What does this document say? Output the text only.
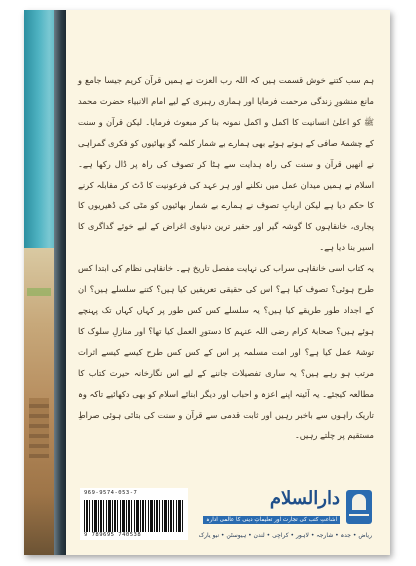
ہم سب کتنے خوش قسمت ہیں کہ اللہ رب العزت نے ہمیں قرآن کریم جیسا جامع و مانع منشورِ زندگی مرحمت فرمایا اور ہماری رہبری کے لیے امام الانبیاء حضرت محمد ﷺ کو اعلیٰ انسانیت کا اکمل و اکمل نمونہ بنا کر مبعوث فرمایا۔ لیکن قرآن و سنت کے چشمۂ صافی کے ہوتے ہوئے بھی ہمارے بے شمار کلمہ گو بھائیوں کو فکری گمراہی نے انھیں قرآن و سنت کی راہ ہدایت سے ہٹا کر تصوف کی راہ پر ڈال رکھا ہے۔ اسلام نے ہمیں میدان عمل میں نکلنے اور ہر عہد کی فرعونیت کا ڈٹ کر مقابلہ کرنے کا حکم دیا ہے لیکن اربابِ تصوف نے ہمارے بے شمار بھائیوں کو مٹی کی ڈھیریوں کا پجاری، خانقاہوں کا گوشہ گیر اور حقیر ترین دنیاوی اغراض کے لیے خوئے گداگری کا اسیر بنا دیا ہے۔

یہ کتاب اسی خانقاہی سراب کی نہایت مفصل تاریخ ہے۔ خانقاہی نظام کی ابتدا کس طرح ہوئی؟ تصوف کیا ہے؟ اس کی حقیقی تعریفیں کیا ہیں؟ کتنے سلسلے ہیں؟ ان کے اجداد طور طریقے کیا ہیں؟ یہ سلسلے کس کس طور پر کہاں کہاں تک پہنچے ہوئے ہیں؟ صحابۂ کرام رضی اللہ عنہم کا دستورِ العمل کیا تھا؟ اور منازلِ سلوک کا توشۂ عمل کیا ہے؟ اور امت مسلمہ پر اس کے کس کس طرح کیسے کیسے اثرات مرتب ہو رہے ہیں؟ یہ ساری تفصیلات جاننے کے لیے اس نگارخانہ حیرت کتاب کا مطالعہ کیجئے۔ یہ آئینہ اپنے اعزہ و احباب اور دیگر ابنائے اسلام کو بھی دکھائیے تاکہ وہ تاریک راہوں سے باخبر رہیں اور ثابت قدمی سے قرآن و سنت کی بتائی ہوئی صراطِ مستقیم پر چلتے رہیں۔

969-9574-053-7
9 789695 740538
دارالسلام
اشاعتِ کتب کی تجارت اور تعلیماتِ دینی کا عالمی ادارہ
ریاض • جدہ • شارجہ • لاہور • کراچی • لندن • ہیوسٹن • نیو یارک
